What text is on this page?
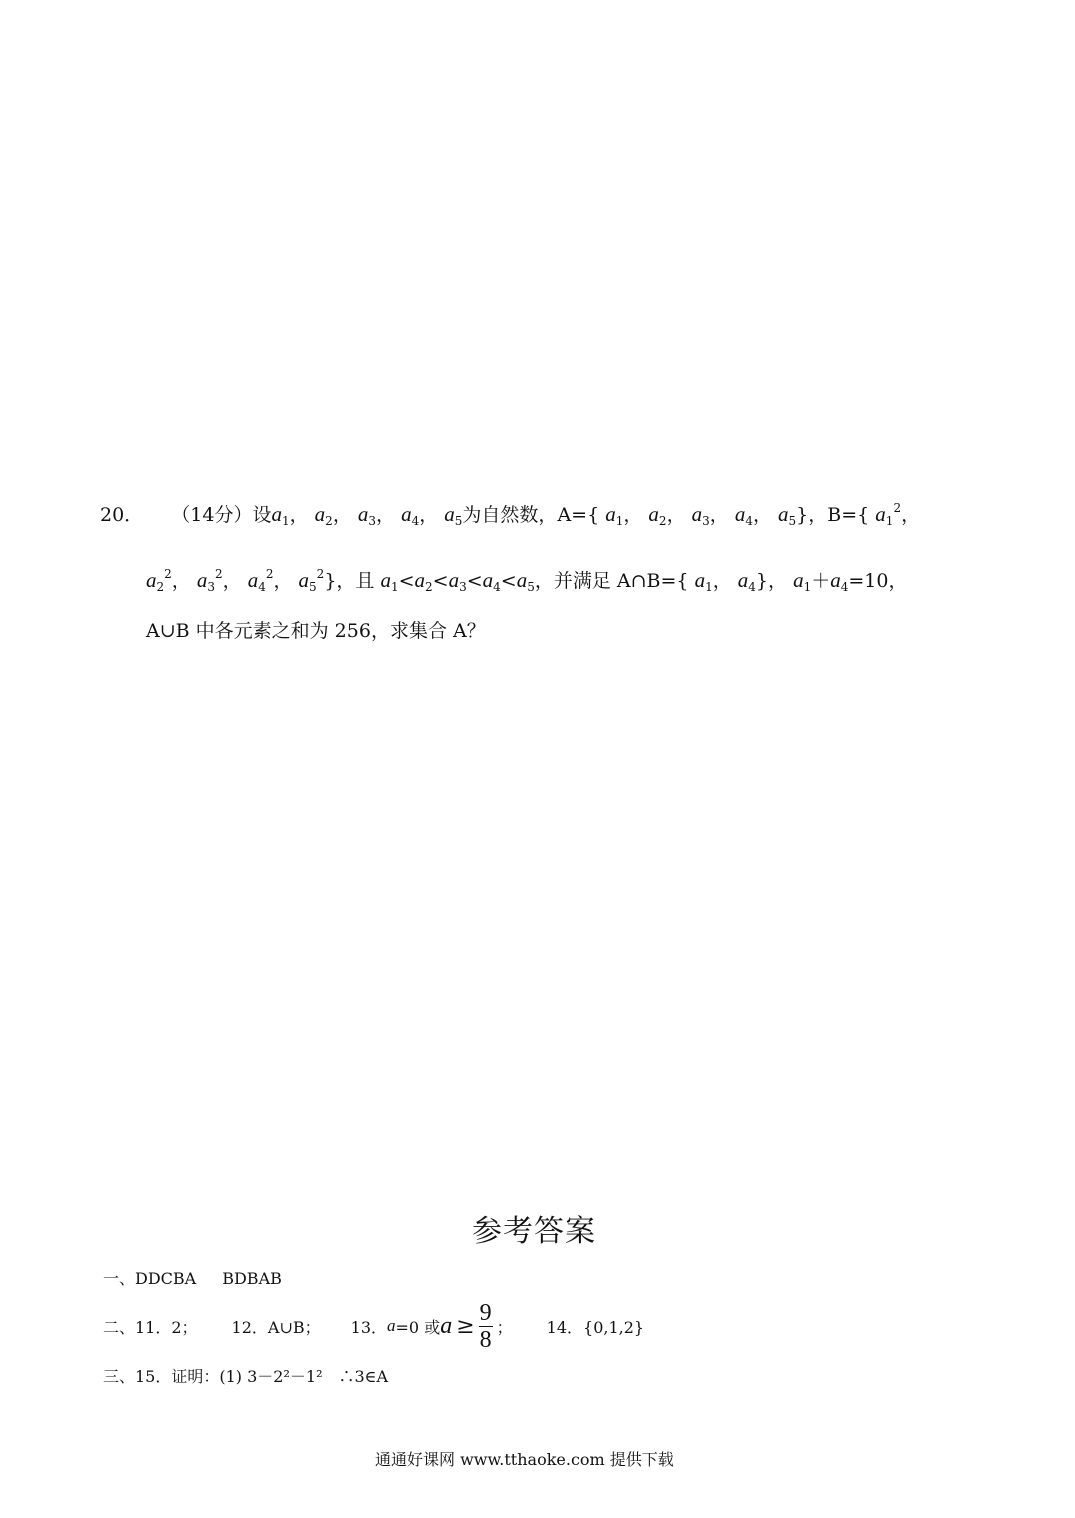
20． （14分）设$a_1$， $a_2$， $a_3$， $a_4$， $a_5$为自然数，A={ $a_1$， $a_2$， $a_3$， $a_4$， $a_5$}，B={ $a_1^2$，
$a_2^2$， $a_3^2$， $a_4^2$， $a_5^2$}，且 $a_1<a_2<a_3<a_4<a_5$，并满足 A∩B={ $a_1$， $a_4$}， $a_1+a_4=10$，
A∪B 中各元素之和为 256，求集合 A？
参考答案
一、DDCBA BDBAB
二、11．2； 12．A∪B； 13． a =0 或 $a \ge \frac{9}{8}$ ； 14．{0,1,2}
三、15．证明：(1) 3－2²－1²　∴3∈A
通通好课网 www.tthaoke.com 提供下载
